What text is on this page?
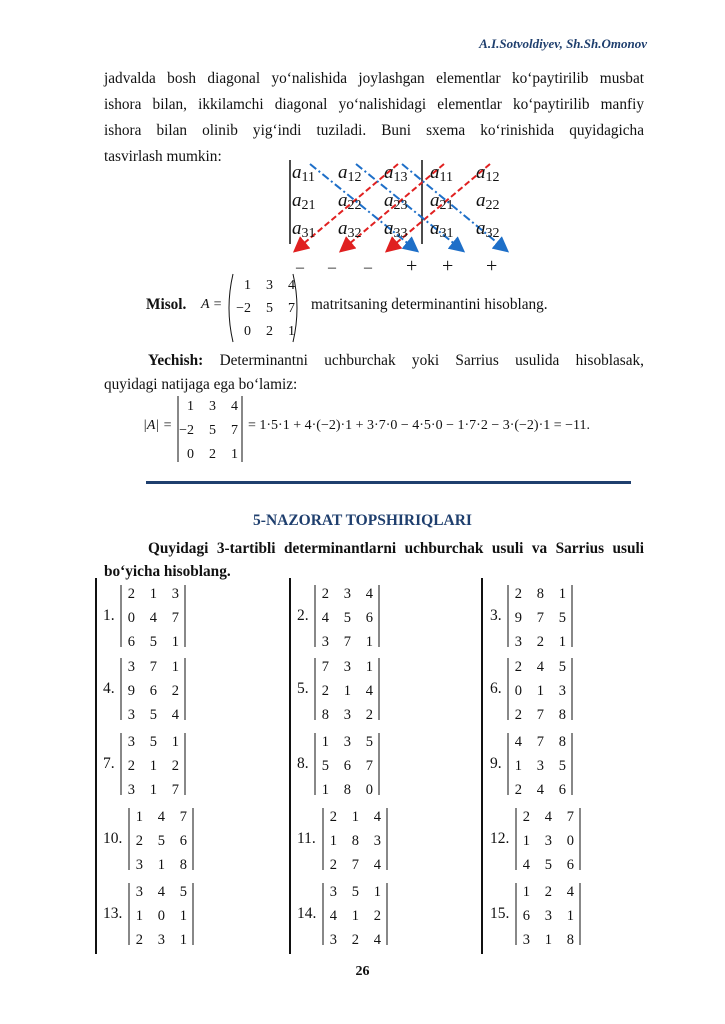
A.I.Sotvoldiyev, Sh.Sh.Omonov
jadvalda bosh diagonal yo‘nalishida joylashgan elementlar ko‘paytirilib musbat
ishora bilan, ikkilamchi diagonal yo‘nalishidagi elementlar ko‘paytirilib manfiy
ishora bilan olinib yig‘indi tuziladi. Buni sxema ko‘rinishida quyidagicha
tasvirlash mumkin:
a11 a12 a13 a11 a12
a21 a22 a23 a21 a22
a31 a32 a33 a31 a32
– – – + + +
Misol. A =
1 3 4
−2 5 7
0 2 1
matritsaning determinantini hisoblang.
Yechish: Determinantni uchburchak yoki Sarrius usulida hisoblasak,
quyidagi natijaga ega bo‘lamiz:
|A| =
1 3 4
−2 5 7
0 2 1
= 1·5·1 + 4·(−2)·1 + 3·7·0 − 4·5·0 − 1·7·2 − 3·(−2)·1 = −11.
5-NAZORAT TOPSHIRIQLARI
Quyidagi 3-tartibli determinantlarni uchburchak usuli va Sarrius usuli
bo‘yicha hisoblang.
1.
2 1 3
0 4 7
6 5 1
2.
2 3 4
4 5 6
3 7 1
3.
2 8 1
9 7 5
3 2 1
4.
3 7 1
9 6 2
3 5 4
5.
7 3 1
2 1 4
8 3 2
6.
2 4 5
0 1 3
2 7 8
7.
3 5 1
2 1 2
3 1 7
8.
1 3 5
5 6 7
1 8 0
9.
4 7 8
1 3 5
2 4 6
10.
1 4 7
2 5 6
3 1 8
11.
2 1 4
1 8 3
2 7 4
12.
2 4 7
1 3 0
4 5 6
13.
3 4 5
1 0 1
2 3 1
14.
3 5 1
4 1 2
3 2 4
15.
1 2 4
6 3 1
3 1 8
26
